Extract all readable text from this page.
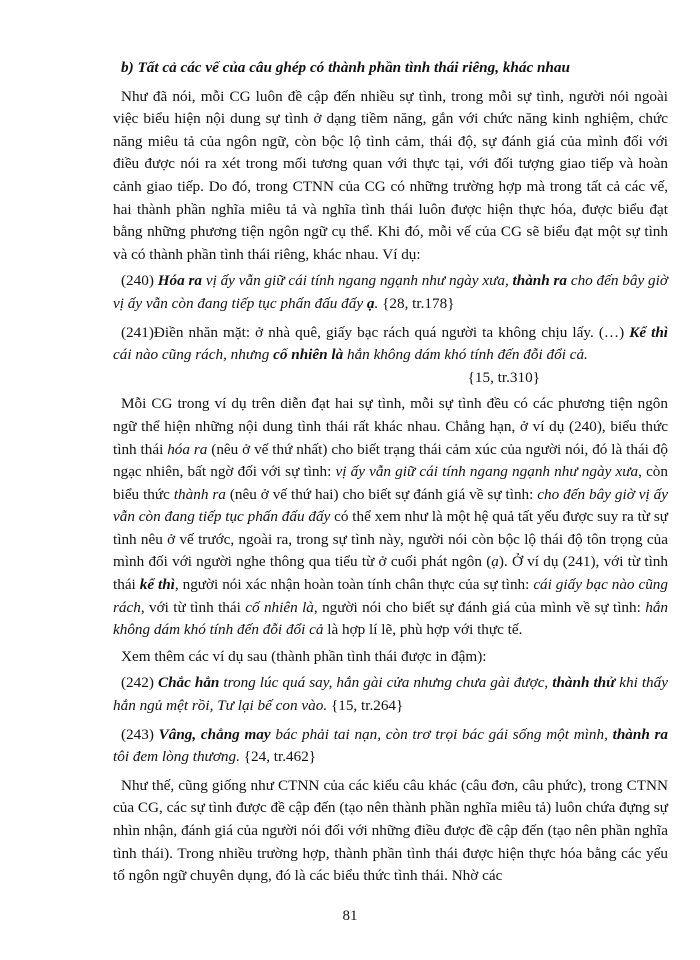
b) Tất cả các vế của câu ghép có thành phần tình thái riêng, khác nhau

Như đã nói, mỗi CG luôn đề cập đến nhiều sự tình, trong mỗi sự tình, người nói ngoài việc biểu hiện nội dung sự tình ở dạng tiềm năng, gắn với chức năng kinh nghiệm, chức năng miêu tả của ngôn ngữ, còn bộc lộ tình cảm, thái độ, sự đánh giá của mình đối với điều được nói ra xét trong mối tương quan với thực tại, với đối tượng giao tiếp và hoàn cảnh giao tiếp. Do đó, trong CTNN của CG có những trường hợp mà trong tất cả các vế, hai thành phần nghĩa miêu tả và nghĩa tình thái luôn được hiện thực hóa, được biểu đạt bằng những phương tiện ngôn ngữ cụ thể. Khi đó, mỗi vế của CG sẽ biểu đạt một sự tình và có thành phần tình thái riêng, khác nhau. Ví dụ:

(240) Hóa ra vị ấy vẫn giữ cái tính ngang ngạnh như ngày xưa, thành ra cho đến bây giờ vị ấy vẫn còn đang tiếp tục phấn đấu đấy ạ. {28, tr.178}

(241)Điền nhăn mặt: ở nhà quê, giấy bạc rách quá người ta không chịu lấy. (…) Kể thì cái nào cũng rách, nhưng cố nhiên là hắn không dám khó tính đến đỗi đổi cả.

{15, tr.310}

Mỗi CG trong ví dụ trên diễn đạt hai sự tình, mỗi sự tình đều có các phương tiện ngôn ngữ thể hiện những nội dung tình thái rất khác nhau. Chẳng hạn, ở ví dụ (240), biểu thức tình thái hóa ra (nêu ở vế thứ nhất) cho biết trạng thái cảm xúc của người nói, đó là thái độ ngạc nhiên, bất ngờ đối với sự tình: vị ấy vẫn giữ cái tính ngang ngạnh như ngày xưa, còn biểu thức thành ra (nêu ở vế thứ hai) cho biết sự đánh giá về sự tình: cho đến bây giờ vị ấy vẫn còn đang tiếp tục phấn đấu đấy có thể xem như là một hệ quả tất yếu được suy ra từ sự tình nêu ở vế trước, ngoài ra, trong sự tình này, người nói còn bộc lộ thái độ tôn trọng của mình đối với người nghe thông qua tiểu từ ở cuối phát ngôn (ạ). Ở ví dụ (241), với từ tình thái kể thì, người nói xác nhận hoàn toàn tính chân thực của sự tình: cái giấy bạc nào cũng rách, với từ tình thái cố nhiên là, người nói cho biết sự đánh giá của mình về sự tình: hắn không dám khó tính đến đỗi đổi cả là hợp lí lẽ, phù hợp với thực tế.

Xem thêm các ví dụ sau (thành phần tình thái được in đậm):

(242) Chắc hẳn trong lúc quá say, hắn gài cửa nhưng chưa gài được, thành thử khi thấy hắn ngủ mệt rồi, Tư lại bế con vào. {15, tr.264}

(243) Vâng, chẳng may bác phải tai nạn, còn trơ trọi bác gái sống một mình, thành ra tôi đem lòng thương. {24, tr.462}

Như thế, cũng giống như CTNN của các kiểu câu khác (câu đơn, câu phức), trong CTNN của CG, các sự tình được đề cập đến (tạo nên thành phần nghĩa miêu tả) luôn chứa đựng sự nhìn nhận, đánh giá của người nói đối với những điều được đề cập đến (tạo nên phần nghĩa tình thái). Trong nhiều trường hợp, thành phần tình thái được hiện thực hóa bằng các yếu tố ngôn ngữ chuyên dụng, đó là các biểu thức tình thái. Nhờ các

81
